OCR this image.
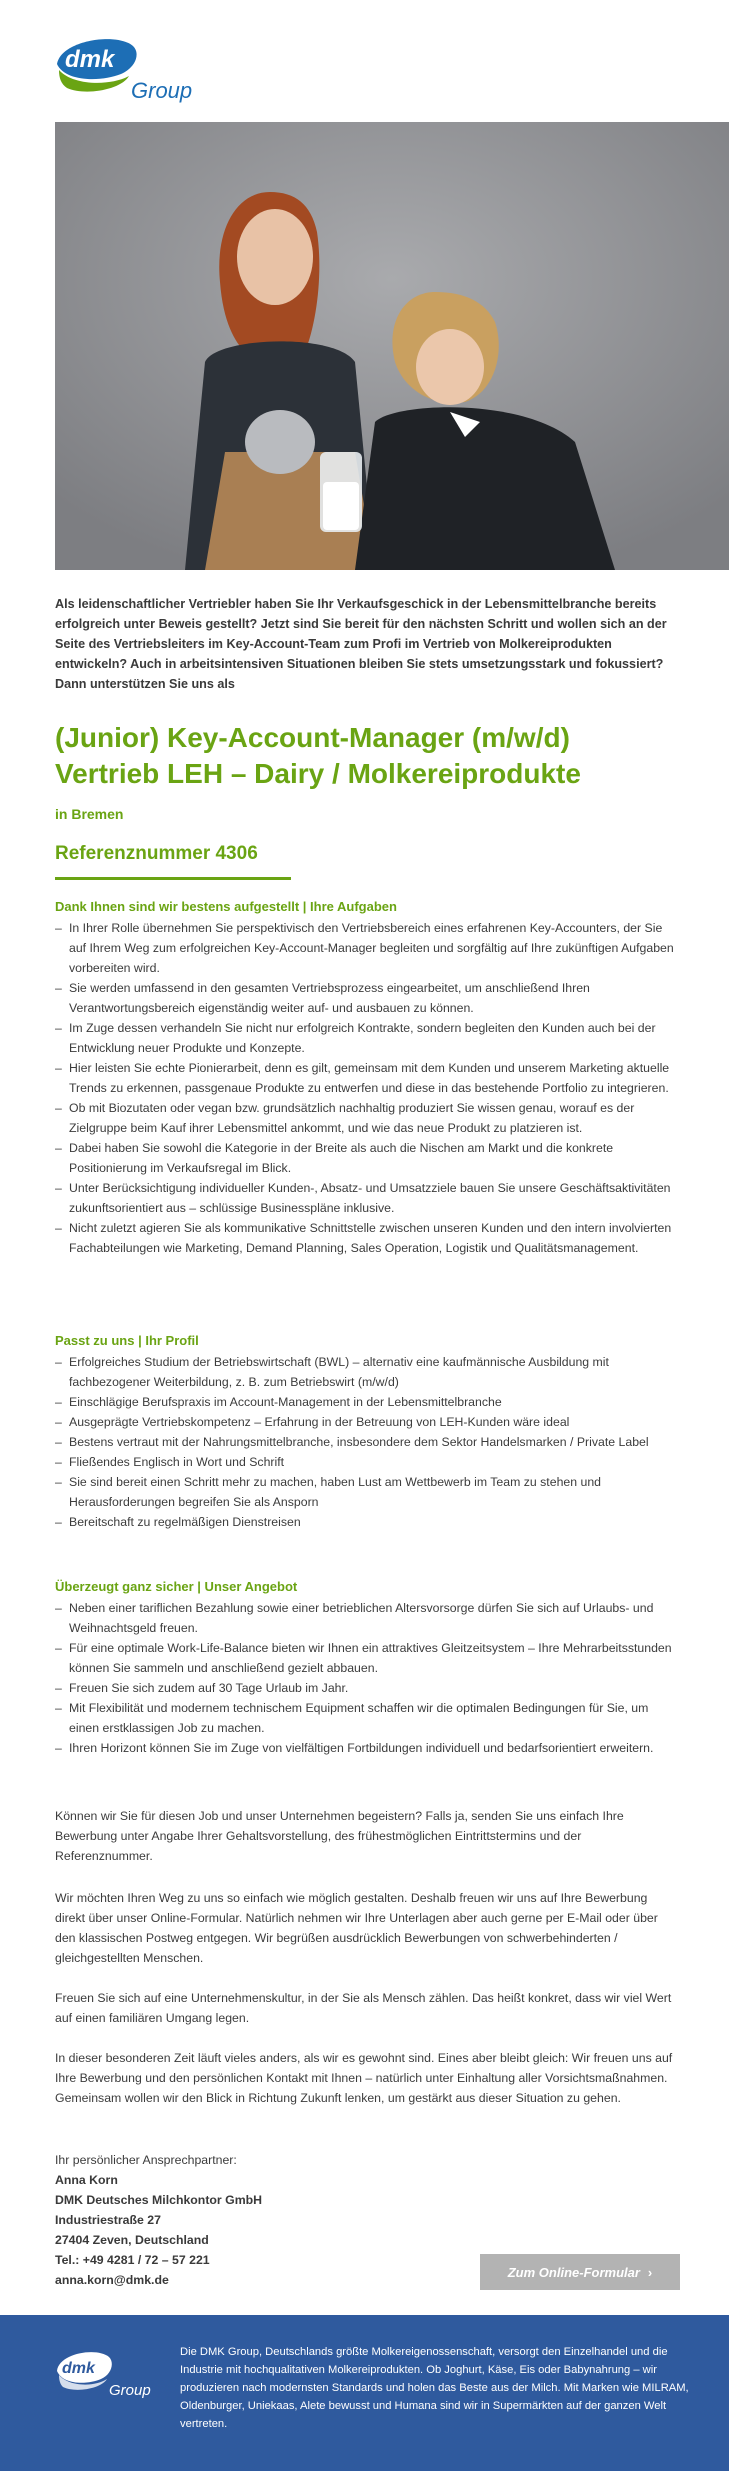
dmk
Group

Als leidenschaftlicher Vertriebler haben Sie Ihr Verkaufsgeschick in der Lebensmittelbranche bereits erfolgreich unter Beweis gestellt? Jetzt sind Sie bereit für den nächsten Schritt und wollen sich an der Seite des Vertriebsleiters im Key-Account-Team zum Profi im Vertrieb von Molkereiprodukten entwickeln? Auch in arbeitsintensiven Situationen bleiben Sie stets umsetzungsstark und fokussiert? Dann unterstützen Sie uns als

(Junior) Key-Account-Manager (m/w/d)
Vertrieb LEH – Dairy / Molkereiprodukte
in Bremen
Referenznummer 4306
Dank Ihnen sind wir bestens aufgestellt | Ihre Aufgaben
– In Ihrer Rolle übernehmen Sie perspektivisch den Vertriebsbereich eines erfahrenen Key-Accounters, der Sie auf Ihrem Weg zum erfolgreichen Key-Account-Manager begleiten und sorgfältig auf Ihre zukünftigen Aufgaben vorbereiten wird.
– Sie werden umfassend in den gesamten Vertriebsprozess eingearbeitet, um anschließend Ihren Verantwortungsbereich eigenständig weiter auf- und ausbauen zu können.
– Im Zuge dessen verhandeln Sie nicht nur erfolgreich Kontrakte, sondern begleiten den Kunden auch bei der Entwicklung neuer Produkte und Konzepte.
– Hier leisten Sie echte Pionierarbeit, denn es gilt, gemeinsam mit dem Kunden und unserem Marketing aktuelle Trends zu erkennen, passgenaue Produkte zu entwerfen und diese in das bestehende Portfolio zu integrieren.
– Ob mit Biozutaten oder vegan bzw. grundsätzlich nachhaltig produziert Sie wissen genau, worauf es der Zielgruppe beim Kauf ihrer Lebensmittel ankommt, und wie das neue Produkt zu platzieren ist.
– Dabei haben Sie sowohl die Kategorie in der Breite als auch die Nischen am Markt und die konkrete Positionierung im Verkaufsregal im Blick.
– Unter Berücksichtigung individueller Kunden-, Absatz- und Umsatzziele bauen Sie unsere Geschäftsaktivitäten zukunftsorientiert aus – schlüssige Businesspläne inklusive.
– Nicht zuletzt agieren Sie als kommunikative Schnittstelle zwischen unseren Kunden und den intern involvierten Fachabteilungen wie Marketing, Demand Planning, Sales Operation, Logistik und Qualitätsmanagement.
Passt zu uns | Ihr Profil
– Erfolgreiches Studium der Betriebswirtschaft (BWL) – alternativ eine kaufmännische Ausbildung mit fachbezogener Weiterbildung, z. B. zum Betriebswirt (m/w/d)
– Einschlägige Berufspraxis im Account-Management in der Lebensmittelbranche
– Ausgeprägte Vertriebskompetenz – Erfahrung in der Betreuung von LEH-Kunden wäre ideal
– Bestens vertraut mit der Nahrungsmittelbranche, insbesondere dem Sektor Handelsmarken / Private Label
– Fließendes Englisch in Wort und Schrift
– Sie sind bereit einen Schritt mehr zu machen, haben Lust am Wettbewerb im Team zu stehen und Herausforderungen begreifen Sie als Ansporn
– Bereitschaft zu regelmäßigen Dienstreisen
Überzeugt ganz sicher | Unser Angebot
– Neben einer tariflichen Bezahlung sowie einer betrieblichen Altersvorsorge dürfen Sie sich auf Urlaubs- und Weihnachtsgeld freuen.
– Für eine optimale Work-Life-Balance bieten wir Ihnen ein attraktives Gleitzeitsystem – Ihre Mehrarbeitsstunden können Sie sammeln und anschließend gezielt abbauen.
– Freuen Sie sich zudem auf 30 Tage Urlaub im Jahr.
– Mit Flexibilität und modernem technischem Equipment schaffen wir die optimalen Bedingungen für Sie, um einen erstklassigen Job zu machen.
– Ihren Horizont können Sie im Zuge von vielfältigen Fortbildungen individuell und bedarfsorientiert erweitern.

Können wir Sie für diesen Job und unser Unternehmen begeistern? Falls ja, senden Sie uns einfach Ihre Bewerbung unter Angabe Ihrer Gehaltsvorstellung, des frühestmöglichen Eintrittstermins und der Referenznummer.

Wir möchten Ihren Weg zu uns so einfach wie möglich gestalten. Deshalb freuen wir uns auf Ihre Bewerbung direkt über unser Online-Formular. Natürlich nehmen wir Ihre Unterlagen aber auch gerne per E-Mail oder über den klassischen Postweg entgegen. Wir begrüßen ausdrücklich Bewerbungen von schwerbehinderten / gleichgestellten Menschen.

Freuen Sie sich auf eine Unternehmenskultur, in der Sie als Mensch zählen. Das heißt konkret, dass wir viel Wert auf einen familiären Umgang legen.

In dieser besonderen Zeit läuft vieles anders, als wir es gewohnt sind. Eines aber bleibt gleich: Wir freuen uns auf Ihre Bewerbung und den persönlichen Kontakt mit Ihnen – natürlich unter Einhaltung aller Vorsichtsmaßnahmen. Gemeinsam wollen wir den Blick in Richtung Zukunft lenken, um gestärkt aus dieser Situation zu gehen.

Ihr persönlicher Ansprechpartner:
Anna Korn
DMK Deutsches Milchkontor GmbH
Industriestraße 27
27404 Zeven, Deutschland
Tel.: +49 4281 / 72 – 57 221
anna.korn@dmk.de
Zum Online-Formular ›
dmk
Group

Die DMK Group, Deutschlands größte Molkereigenossenschaft, versorgt den Einzelhandel und die Industrie mit hochqualitativen Molkereiprodukten. Ob Joghurt, Käse, Eis oder Babynahrung – wir produzieren nach modernsten Standards und holen das Beste aus der Milch. Mit Marken wie MILRAM, Oldenburger, Uniekaas, Alete bewusst und Humana sind wir in Supermärkten auf der ganzen Welt vertreten.
